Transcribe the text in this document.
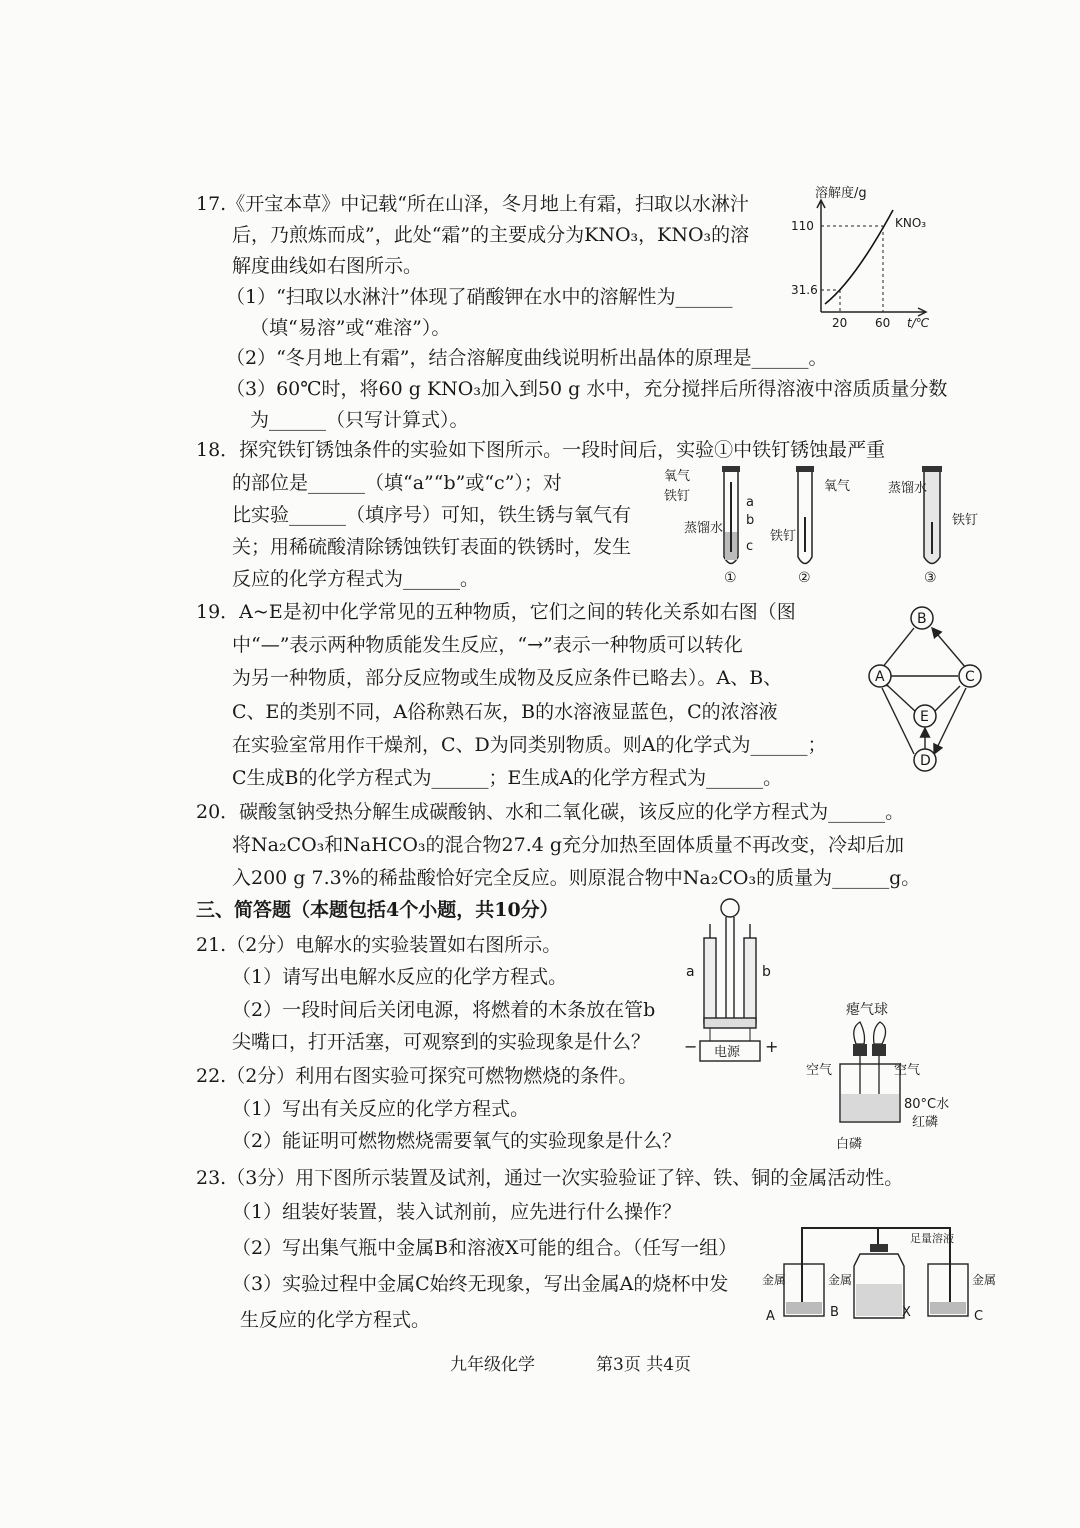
17.《开宝本草》中记载“所在山泽，冬月地上有霜，扫取以水淋汁
后，乃煎炼而成”，此处“霜”的主要成分为KNO₃，KNO₃的溶
解度曲线如右图所示。
（1）“扫取以水淋汁”体现了硝酸钾在水中的溶解性为______
（填“易溶”或“难溶”）。
（2）“冬月地上有霜”，结合溶解度曲线说明析出晶体的原理是______。
（3）60℃时，将60 g KNO₃加入到50 g 水中，充分搅拌后所得溶液中溶质质量分数
为______（只写计算式）。
溶解度/g
110
31.6
KNO₃
20 60 t/℃
18．探究铁钉锈蚀条件的实验如下图所示。一段时间后，实验①中铁钉锈蚀最严重
的部位是______（填“a”“b”或“c”）；对
比实验______（填序号）可知，铁生锈与氧气有
关；用稀硫酸清除锈蚀铁钉表面的铁锈时，发生
反应的化学方程式为______。
氧气
铁钉	a
b
c
蒸馏水
①
氧气
铁钉
②
蒸馏水
铁钉
③
19．A~E是初中化学常见的五种物质，它们之间的转化关系如右图（图
中“—”表示两种物质能发生反应，“→”表示一种物质可以转化
为另一种物质，部分反应物或生成物及反应条件已略去）。A、B、
C、E的类别不同，A俗称熟石灰，B的水溶液显蓝色，C的浓溶液
在实验室常用作干燥剂，C、D为同类别物质。则A的化学式为______；
C生成B的化学方程式为______；E生成A的化学方程式为______。
B
A	C
E
D
20．碳酸氢钠受热分解生成碳酸钠、水和二氧化碳，该反应的化学方程式为______。
将Na₂CO₃和NaHCO₃的混合物27.4 g充分加热至固体质量不再改变，冷却后加
入200 g 7.3%的稀盐酸恰好完全反应。则原混合物中Na₂CO₃的质量为______g。
三、简答题（本题包括4个小题，共10分）
21.（2分）电解水的实验装置如右图所示。
（1）请写出电解水反应的化学方程式。
（2）一段时间后关闭电源，将燃着的木条放在管b
尖嘴口，打开活塞，可观察到的实验现象是什么？
a	b
电源
−	+
22.（2分）利用右图实验可探究可燃物燃烧的条件。
（1）写出有关反应的化学方程式。
（2）能证明可燃物燃烧需要氧气的实验现象是什么？
瘪气球
空气	空气
80°C水
红磷
白磷
23.（3分）用下图所示装置及试剂，通过一次实验验证了锌、铁、铜的金属活动性。
（1）组装好装置，装入试剂前，应先进行什么操作？
（2）写出集气瓶中金属B和溶液X可能的组合。（任写一组）
（3）实验过程中金属C始终无现象，写出金属A的烧杯中发
生反应的化学方程式。
金属
A
金属
B
足量溶液
X
金属
C
九年级化学	第3页 共4页
